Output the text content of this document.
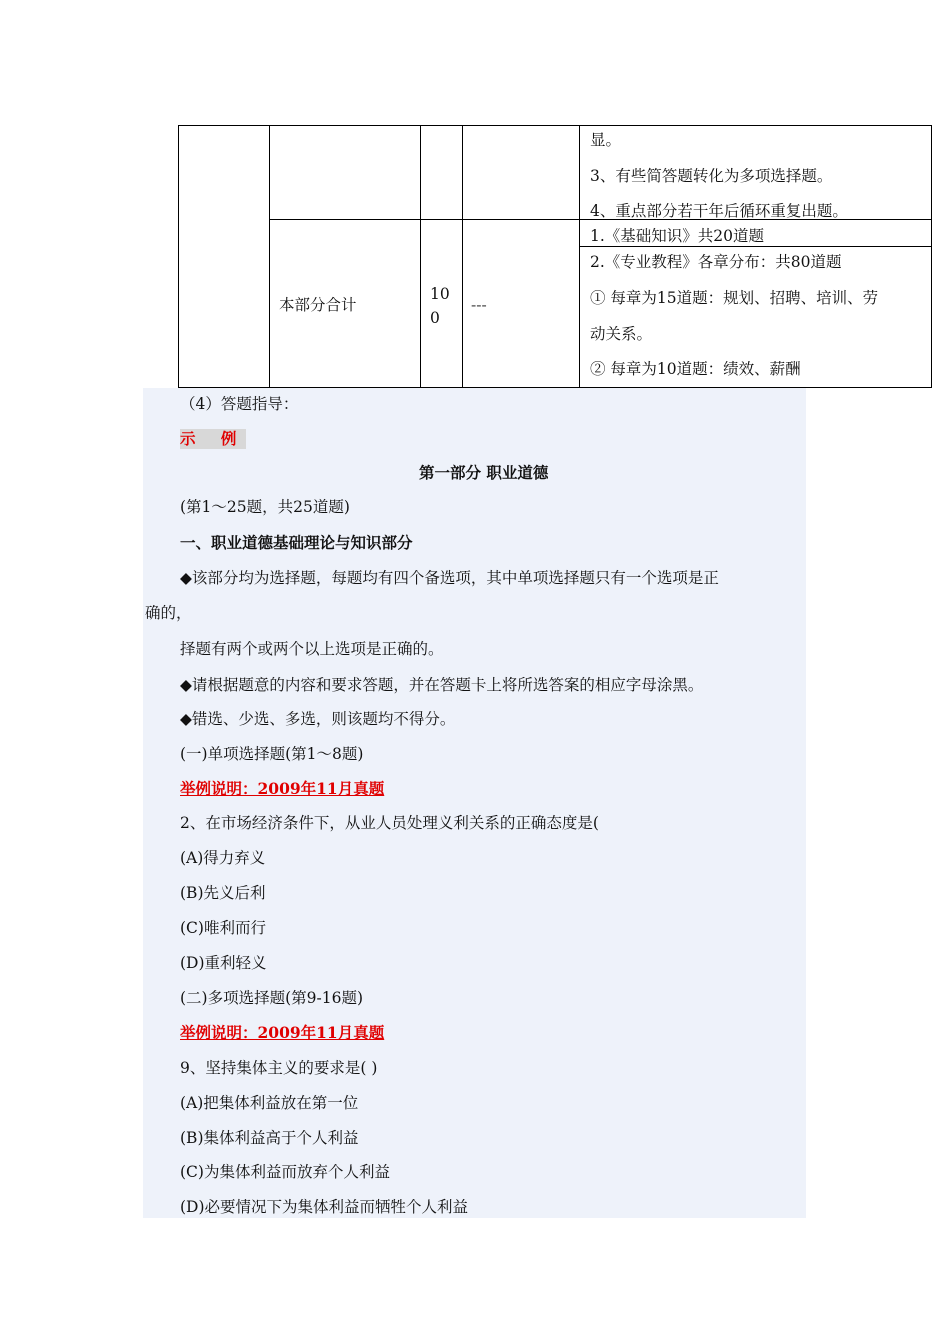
显。
3、有些简答题转化为多项选择题。
4、重点部分若干年后循环重复出题。
本部分合计
10
0
---
1.《基础知识》共20道题
2.《专业教程》各章分布：共80道题
① 每章为15道题：规划、招聘、培训、劳
动关系。
② 每章为10道题：绩效、薪酬
（4）答题指导：
示 例
第一部分 职业道德
(第1～25题，共25道题)
一、职业道德基础理论与知识部分
◆该部分均为选择题，每题均有四个备选项，其中单项选择题只有一个选项是正
确的，
择题有两个或两个以上选项是正确的。
◆请根据题意的内容和要求答题，并在答题卡上将所选答案的相应字母涂黑。
◆错选、少选、多选，则该题均不得分。
(一)单项选择题(第1～8题)
举例说明：2009年11月真题
2、在市场经济条件下，从业人员处理义利关系的正确态度是(
(A)得力弃义
(B)先义后利
(C)唯利而行
(D)重利轻义
(二)多项选择题(第9-16题)
举例说明：2009年11月真题
9、坚持集体主义的要求是( )
(A)把集体利益放在第一位
(B)集体利益高于个人利益
(C)为集体利益而放弃个人利益
(D)必要情况下为集体利益而牺牲个人利益
